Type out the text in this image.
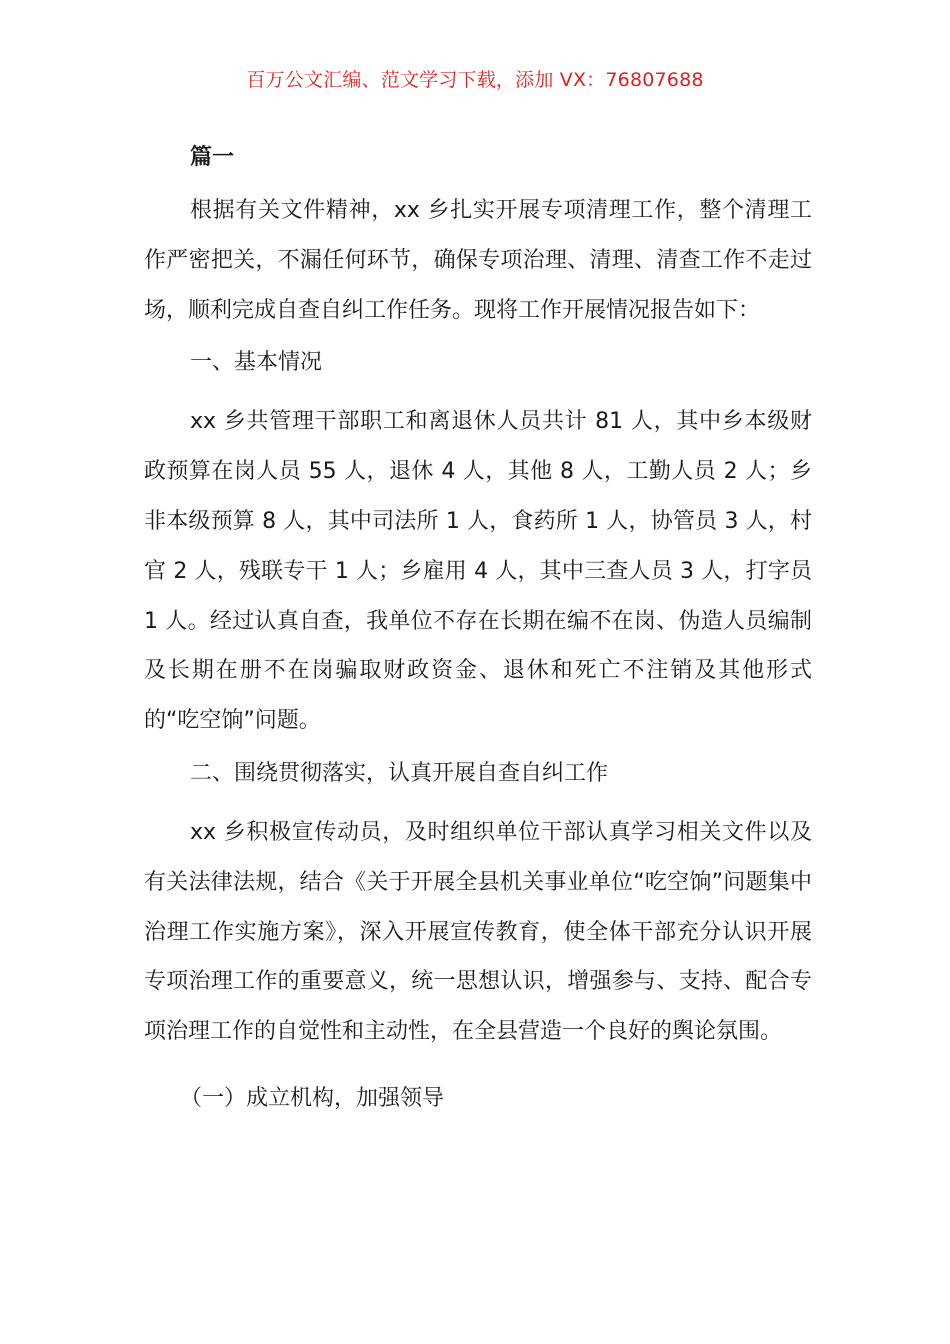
百万公文汇编、范文学习下载，添加 VX：76807688
篇一

根据有关文件精神，xx 乡扎实开展专项清理工作，整个清理工作严密把关，不漏任何环节，确保专项治理、清理、清查工作不走过场，顺利完成自查自纠工作任务。现将工作开展情况报告如下：

一、基本情况

xx 乡共管理干部职工和离退休人员共计 81 人，其中乡本级财政预算在岗人员 55 人，退休 4 人，其他 8 人，工勤人员 2 人；乡非本级预算 8 人，其中司法所 1 人，食药所 1 人，协管员 3 人，村官 2 人，残联专干 1 人；乡雇用 4 人，其中三查人员 3 人，打字员 1 人。经过认真自查，我单位不存在长期在编不在岗、伪造人员编制及长期在册不在岗骗取财政资金、退休和死亡不注销及其他形式的“吃空饷”问题。

二、围绕贯彻落实，认真开展自查自纠工作

xx 乡积极宣传动员，及时组织单位干部认真学习相关文件以及有关法律法规，结合《关于开展全县机关事业单位“吃空饷”问题集中治理工作实施方案》，深入开展宣传教育，使全体干部充分认识开展专项治理工作的重要意义，统一思想认识，增强参与、支持、配合专项治理工作的自觉性和主动性，在全县营造一个良好的舆论氛围。

（一）成立机构，加强领导
